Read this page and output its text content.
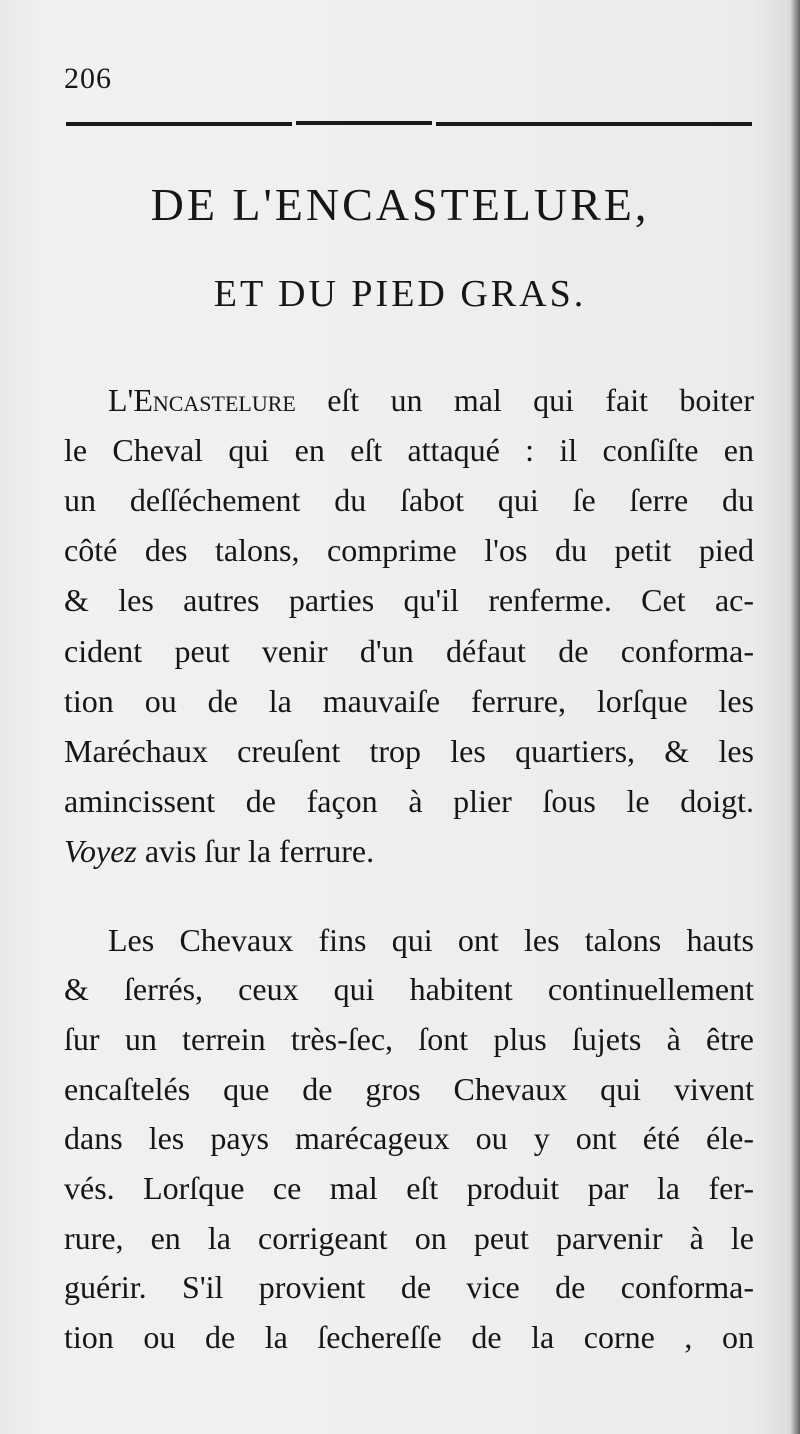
206
DE L'ENCASTELURE,
ET DU PIED GRAS.
L'Encastelure eſt un mal qui fait boiter
le Cheval qui en eſt attaqué : il conſiſte en
un deſſéchement du ſabot qui ſe ſerre du
côté des talons, comprime l'os du petit pied
& les autres parties qu'il renferme. Cet ac-
cident peut venir d'un défaut de conforma-
tion ou de la mauvaiſe ferrure, lorſque les
Maréchaux creuſent trop les quartiers, & les
amincissent de façon à plier ſous le doigt.
Voyez avis ſur la ferrure.
Les Chevaux fins qui ont les talons hauts
& ſerrés, ceux qui habitent continuellement
ſur un terrein très-ſec, ſont plus ſujets à être
encaſtelés que de gros Chevaux qui vivent
dans les pays marécageux ou y ont été éle-
vés. Lorſque ce mal eſt produit par la fer-
rure, en la corrigeant on peut parvenir à le
guérir. S'il provient de vice de conforma-
tion ou de la ſechereſſe de la corne , on
